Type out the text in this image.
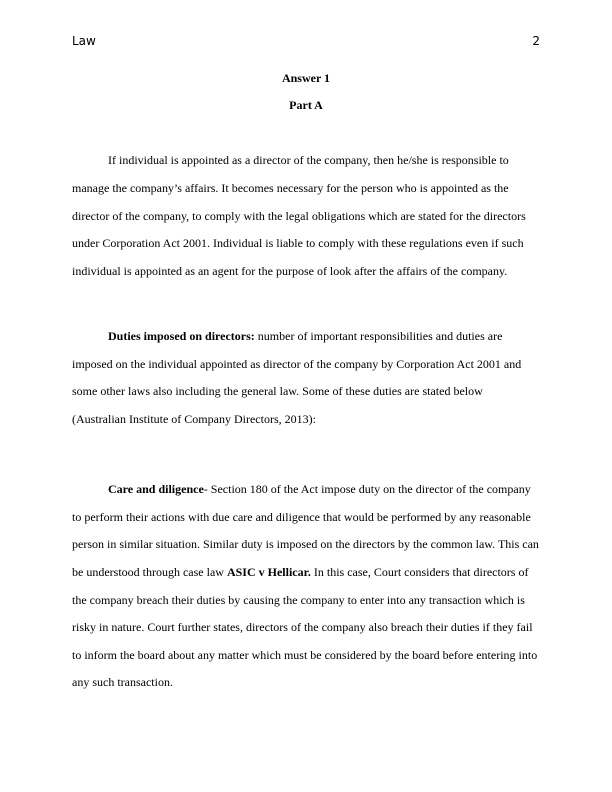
Law	2
Answer 1
Part A
If individual is appointed as a director of the company, then he/she is responsible to
manage the company’s affairs. It becomes necessary for the person who is appointed as the
director of the company, to comply with the legal obligations which are stated for the directors
under Corporation Act 2001. Individual is liable to comply with these regulations even if such
individual is appointed as an agent for the purpose of look after the affairs of the company.
Duties imposed on directors: number of important responsibilities and duties are
imposed on the individual appointed as director of the company by Corporation Act 2001 and
some other laws also including the general law. Some of these duties are stated below
(Australian Institute of Company Directors, 2013):
Care and diligence- Section 180 of the Act impose duty on the director of the company
to perform their actions with due care and diligence that would be performed by any reasonable
person in similar situation. Similar duty is imposed on the directors by the common law. This can
be understood through case law ASIC v Hellicar. In this case, Court considers that directors of
the company breach their duties by causing the company to enter into any transaction which is
risky in nature. Court further states, directors of the company also breach their duties if they fail
to inform the board about any matter which must be considered by the board before entering into
any such transaction.
